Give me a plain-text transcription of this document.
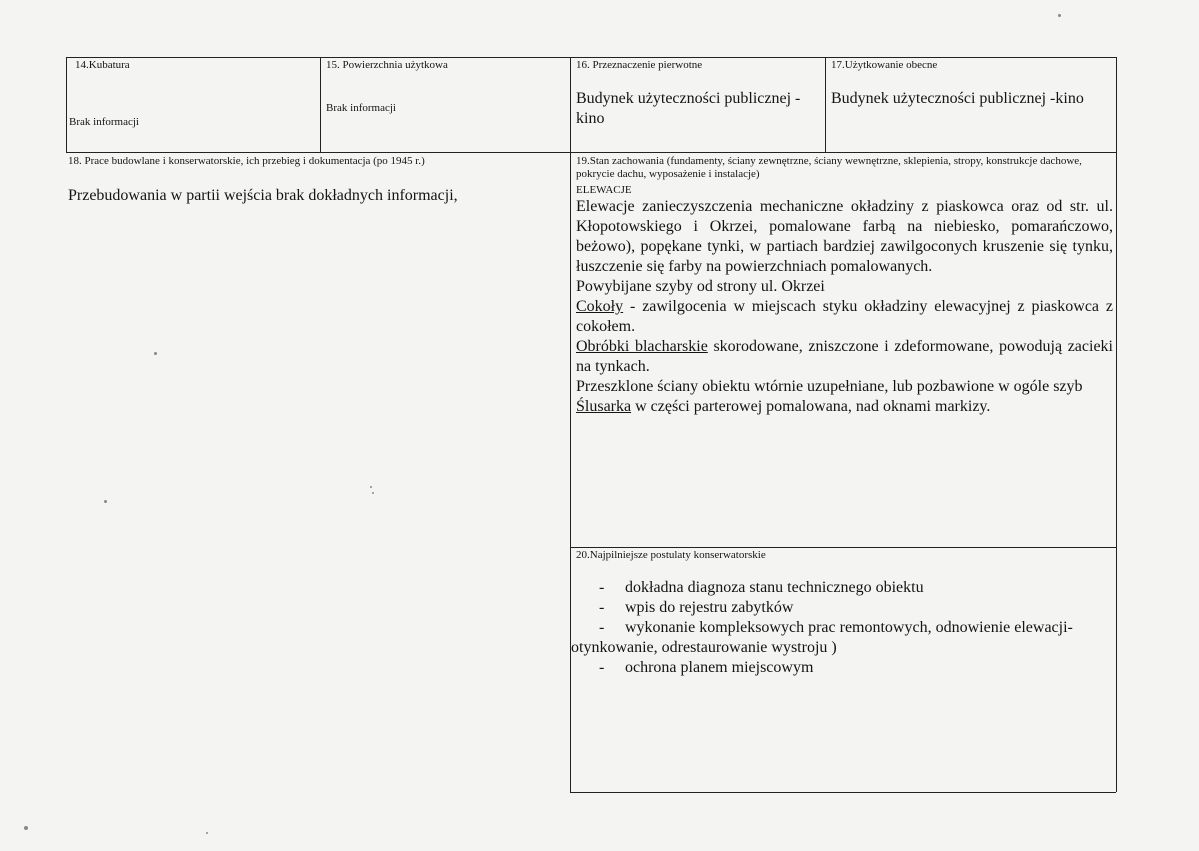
14.Kubatura
Brak informacji
15. Powierzchnia użytkowa
Brak informacji
16. Przeznaczenie pierwotne
Budynek użyteczności publicznej - kino
17.Użytkowanie obecne
Budynek użyteczności publicznej -kino
18. Prace budowlane i konserwatorskie, ich przebieg i dokumentacja (po 1945 r.)
Przebudowania w partii wejścia brak dokładnych informacji,
19.Stan zachowania (fundamenty, ściany zewnętrzne, ściany wewnętrzne, sklepienia, stropy, konstrukcje dachowe, pokrycie dachu, wyposażenie i instalacje)
ELEWACJE
Elewacje zanieczyszczenia mechaniczne okładziny z piaskowca oraz od str. ul. Kłopotowskiego i Okrzei, pomalowane farbą na niebiesko, pomarańczowo, beżowo), popękane tynki, w partiach bardziej zawilgoconych kruszenie się tynku, łuszczenie się farby na powierzchniach pomalowanych.
Powybijane szyby od strony ul. Okrzei
Cokoły - zawilgocenia w miejscach styku okładziny elewacyjnej z piaskowca z cokołem.
Obróbki blacharskie skorodowane, zniszczone i zdeformowane, powodują zacieki na tynkach.
Przeszklone ściany obiektu wtórnie uzupełniane, lub pozbawione w ogóle szyb
Ślusarka w części parterowej pomalowana, nad oknami markizy.
20.Najpilniejsze postulaty konserwatorskie
- dokładna diagnoza stanu technicznego obiektu
- wpis do rejestru zabytków
- wykonanie kompleksowych prac remontowych, odnowienie elewacji-
otynkowanie, odrestaurowanie wystroju )
- ochrona planem miejscowym
